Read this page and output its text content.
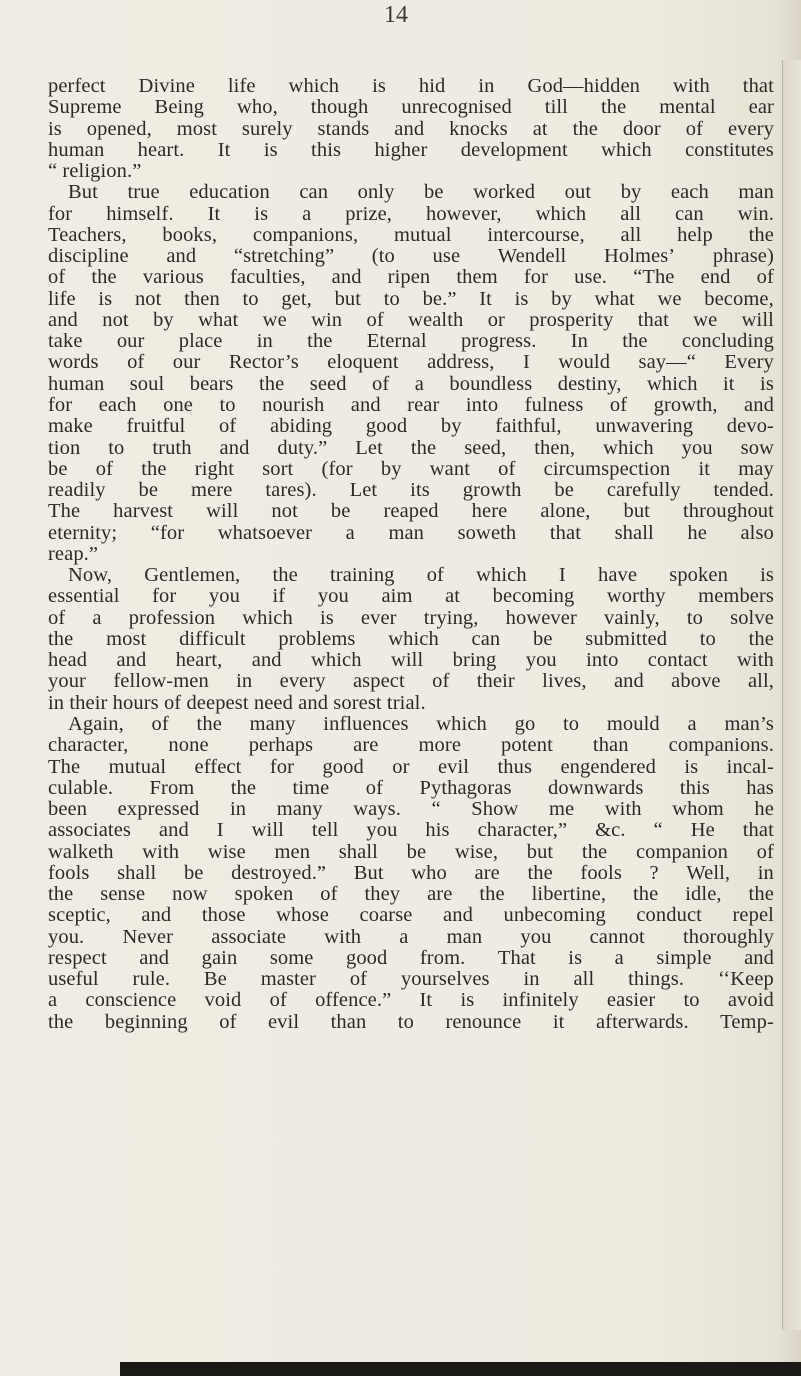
14
perfect Divine life which is hid in God—hidden with that
Supreme Being who, though unrecognised till the mental ear
is opened, most surely stands and knocks at the door of every
human heart. It is this higher development which constitutes
“ religion.”
But true education can only be worked out by each man
for himself. It is a prize, however, which all can win.
Teachers, books, companions, mutual intercourse, all help the
discipline and “stretching” (to use Wendell Holmes’ phrase)
of the various faculties, and ripen them for use. “The end of
life is not then to get, but to be.” It is by what we become,
and not by what we win of wealth or prosperity that we will
take our place in the Eternal progress. In the concluding
words of our Rector’s eloquent address, I would say—“ Every
human soul bears the seed of a boundless destiny, which it is
for each one to nourish and rear into fulness of growth, and
make fruitful of abiding good by faithful, unwavering devo-
tion to truth and duty.” Let the seed, then, which you sow
be of the right sort (for by want of circumspection it may
readily be mere tares). Let its growth be carefully tended.
The harvest will not be reaped here alone, but throughout
eternity; “for whatsoever a man soweth that shall he also
reap.”
Now, Gentlemen, the training of which I have spoken is
essential for you if you aim at becoming worthy members
of a profession which is ever trying, however vainly, to solve
the most difficult problems which can be submitted to the
head and heart, and which will bring you into contact with
your fellow-men in every aspect of their lives, and above all,
in their hours of deepest need and sorest trial.
Again, of the many influences which go to mould a man’s
character, none perhaps are more potent than companions.
The mutual effect for good or evil thus engendered is incal-
culable. From the time of Pythagoras downwards this has
been expressed in many ways. “ Show me with whom he
associates and I will tell you his character,” &c. “ He that
walketh with wise men shall be wise, but the companion of
fools shall be destroyed.” But who are the fools ? Well, in
the sense now spoken of they are the libertine, the idle, the
sceptic, and those whose coarse and unbecoming conduct repel
you. Never associate with a man you cannot thoroughly
respect and gain some good from. That is a simple and
useful rule. Be master of yourselves in all things. ‘‘Keep
a conscience void of offence.” It is infinitely easier to avoid
the beginning of evil than to renounce it afterwards. Temp-
